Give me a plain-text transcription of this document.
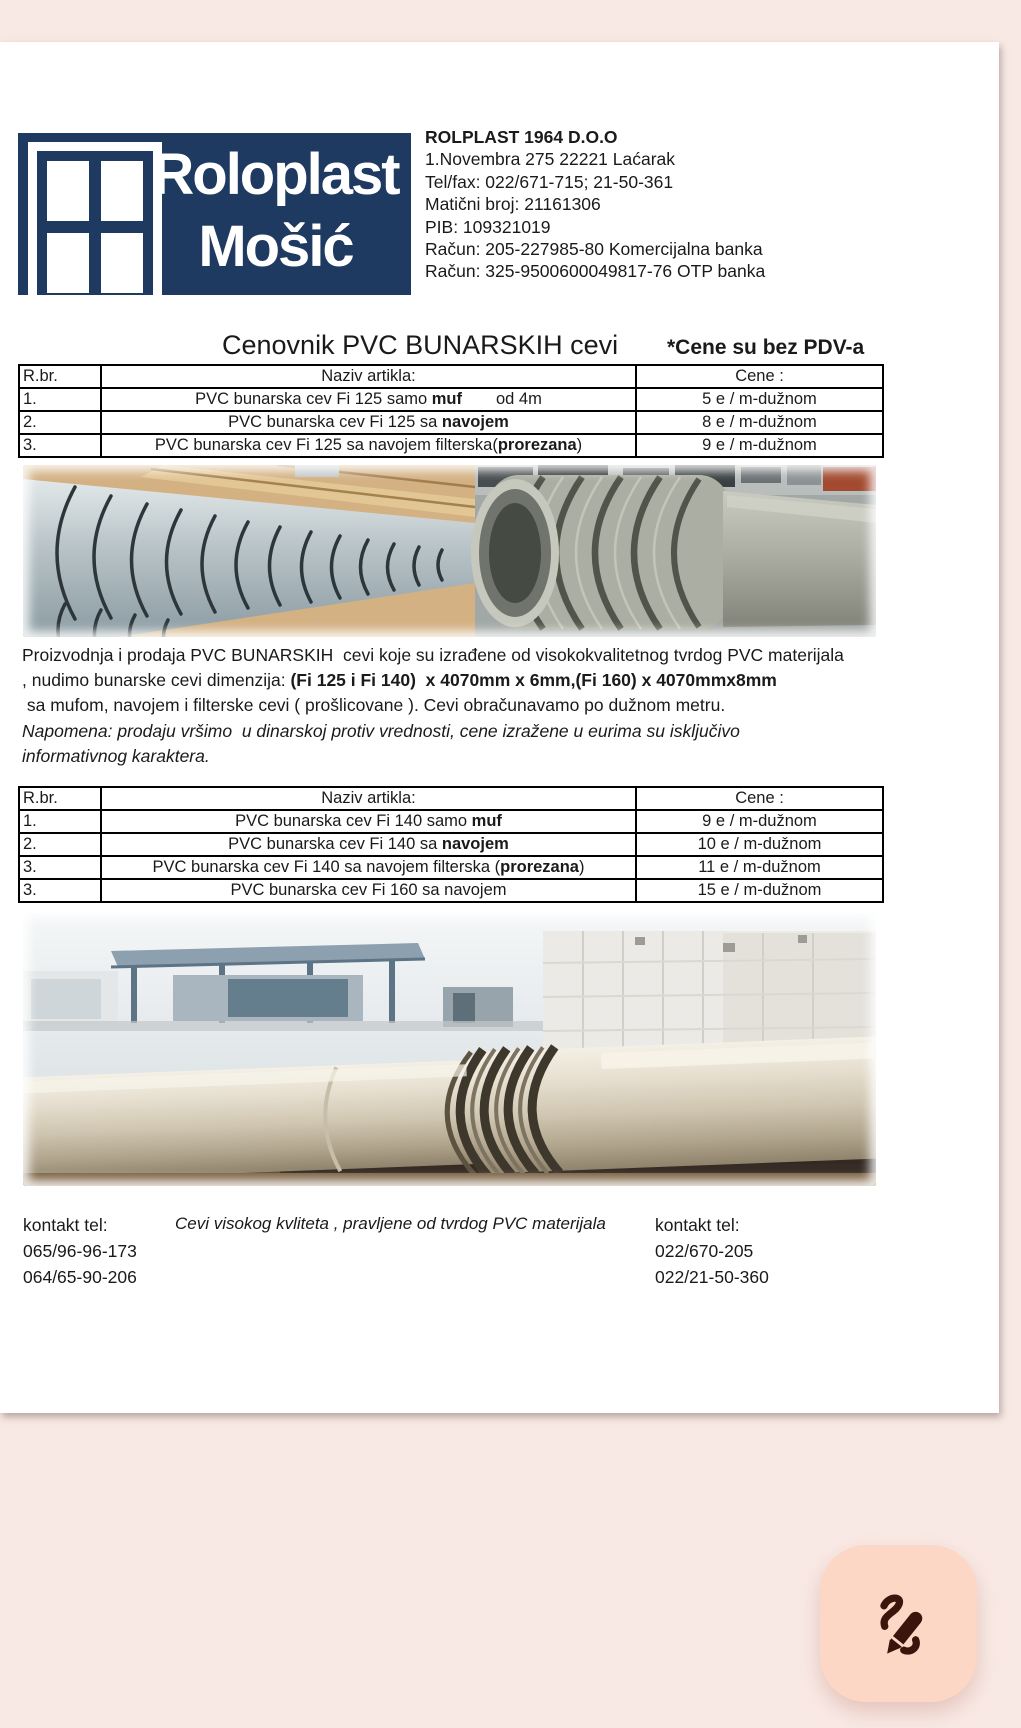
Roloplast
Mošić
ROLPLAST 1964 D.O.O
1.Novembra 275 22221 Laćarak
Tel/fax: 022/671-715; 21-50-361
Matični broj: 21161306
PIB: 109321019
Račun: 205-227985-80 Komercijalna banka
Račun: 325-9500600049817-76 OTP banka
Cenovnik PVC BUNARSKIH cevi *Cene su bez PDV-a
R.br.	Naziv artikla:	Cene :
1.	PVC bunarska cev Fi 125 samo muf od 4m	5 e / m-dužnom
2.	PVC bunarska cev Fi 125 sa navojem	8 e / m-dužnom
3.	PVC bunarska cev Fi 125 sa navojem filterska(prorezana)	9 e / m-dužnom
Proizvodnja i prodaja PVC BUNARSKIH  cevi koje su izrađene od visokokvalitetnog tvrdog PVC materijala
, nudimo bunarske cevi dimenzija: (Fi 125 i Fi 140)  x 4070mm x 6mm,(Fi 160) x 4070mmx8mm
sa mufom, navojem i filterske cevi ( prošlicovane ). Cevi obračunavamo po dužnom metru.
Napomena: prodaju vršimo  u dinarskoj protiv vrednosti, cene izražene u eurima su isključivo
informativnog karaktera.
R.br.	Naziv artikla:	Cene :
1.	PVC bunarska cev Fi 140 samo muf	9 e / m-dužnom
2.	PVC bunarska cev Fi 140 sa navojem	10 e / m-dužnom
3.	PVC bunarska cev Fi 140 sa navojem filterska (prorezana)	11 e / m-dužnom
3.	PVC bunarska cev Fi 160 sa navojem	15 e / m-dužnom
kontakt tel:
065/96-96-173
064/65-90-206
Cevi visokog kvliteta , pravljene od tvrdog PVC materijala	kontakt tel:
022/670-205
022/21-50-360
